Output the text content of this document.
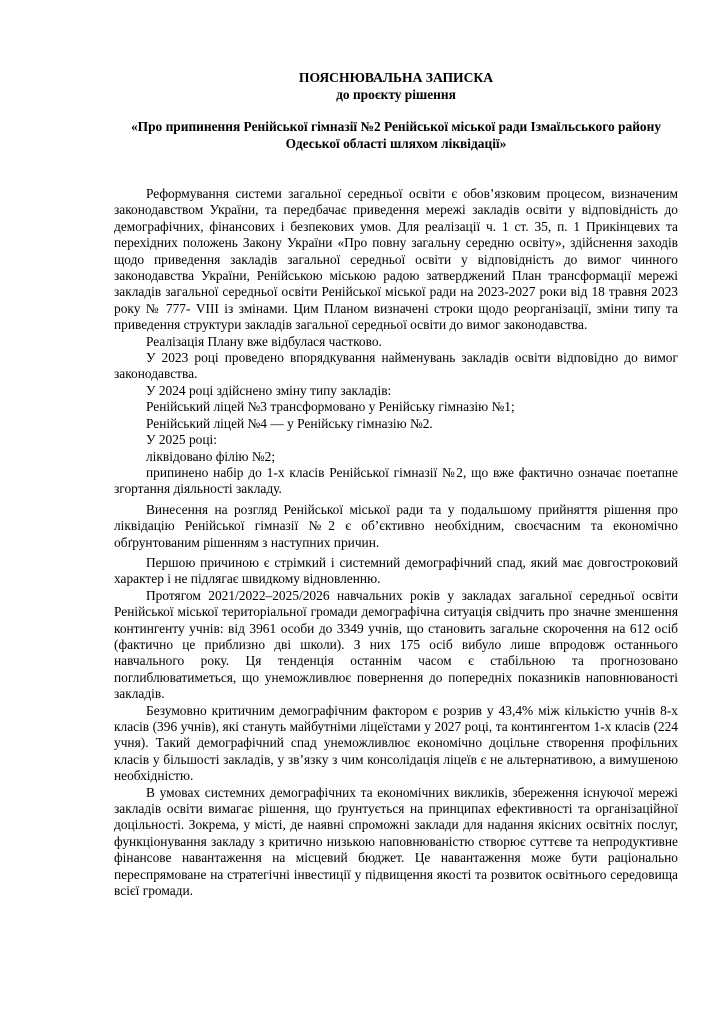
ПОЯСНЮВАЛЬНА ЗАПИСКА

до проєкту рішення

«Про припинення Ренійської гімназії №2 Ренійської міської ради Ізмаїльського району Одеської області шляхом ліквідації»

Реформування системи загальної середньої освіти є обов’язковим процесом, визначеним законодавством України, та передбачає приведення мережі закладів освіти у відповідність до демографічних, фінансових і безпекових умов. Для реалізації ч. 1 ст. 35, п. 1 Прикінцевих та перехідних положень Закону України «Про повну загальну середню освіту», здійснення заходів щодо приведення закладів загальної середньої освіти у відповідність до вимог чинного законодавства України, Ренійською міською радою затверджений План трансформації мережі закладів загальної середньої освіти Ренійської міської ради на 2023-2027 роки від 18 травня 2023 року № 777- VIII із змінами. Цим Планом визначені строки щодо реорганізації, зміни типу та приведення структури закладів загальної середньої освіти до вимог законодавства.

Реалізація Плану вже відбулася частково.

У 2023 році проведено впорядкування найменувань закладів освіти відповідно до вимог законодавства.

У 2024 році здійснено зміну типу закладів:

Ренійський ліцей №3 трансформовано у Ренійську гімназію №1;

Ренійський ліцей №4 — у Ренійську гімназію №2.

У 2025 році:

ліквідовано філію №2;

припинено набір до 1-х класів Ренійської гімназії №2, що вже фактично означає поетапне згортання діяльності закладу.

Винесення на розгляд Ренійської міської ради та у подальшому прийняття рішення про ліквідацію Ренійської гімназії №2 є об’єктивно необхідним, своєчасним та економічно обґрунтованим рішенням з наступних причин.

Першою причиною є стрімкий і системний демографічний спад, який має довгостроковий характер і не підлягає швидкому відновленню.

Протягом 2021/2022–2025/2026 навчальних років у закладах загальної середньої освіти Ренійської міської територіальної громади демографічна ситуація свідчить про значне зменшення контингенту учнів: від 3961 особи до 3349 учнів, що становить загальне скорочення на 612 осіб (фактично це приблизно дві школи). З них 175 осіб вибуло лише впродовж останнього навчального року. Ця тенденція останнім часом є стабільною та прогнозовано поглиблюватиметься, що унеможливлює повернення до попередніх показників наповнюваності закладів.

Безумовно критичним демографічним фактором є розрив у 43,4% між кількістю учнів 8-х класів (396 учнів), які стануть майбутніми ліцеїстами у 2027 році, та контингентом 1-х класів (224 учня). Такий демографічний спад унеможливлює економічно доцільне створення профільних класів у більшості закладів, у зв’язку з чим консолідація ліцеїв є не альтернативою, а вимушеною необхідністю.

В умовах системних демографічних та економічних викликів, збереження існуючої мережі закладів освіти вимагає рішення, що ґрунтується на принципах ефективності та організаційної доцільності. Зокрема, у місті, де наявні спроможні заклади для надання якісних освітніх послуг, функціонування закладу з критично низькою наповнюваністю створює суттєве та непродуктивне фінансове навантаження на місцевий бюджет. Це навантаження може бути раціонально переспрямоване на стратегічні інвестиції у підвищення якості та розвиток освітнього середовища всієї громади.
